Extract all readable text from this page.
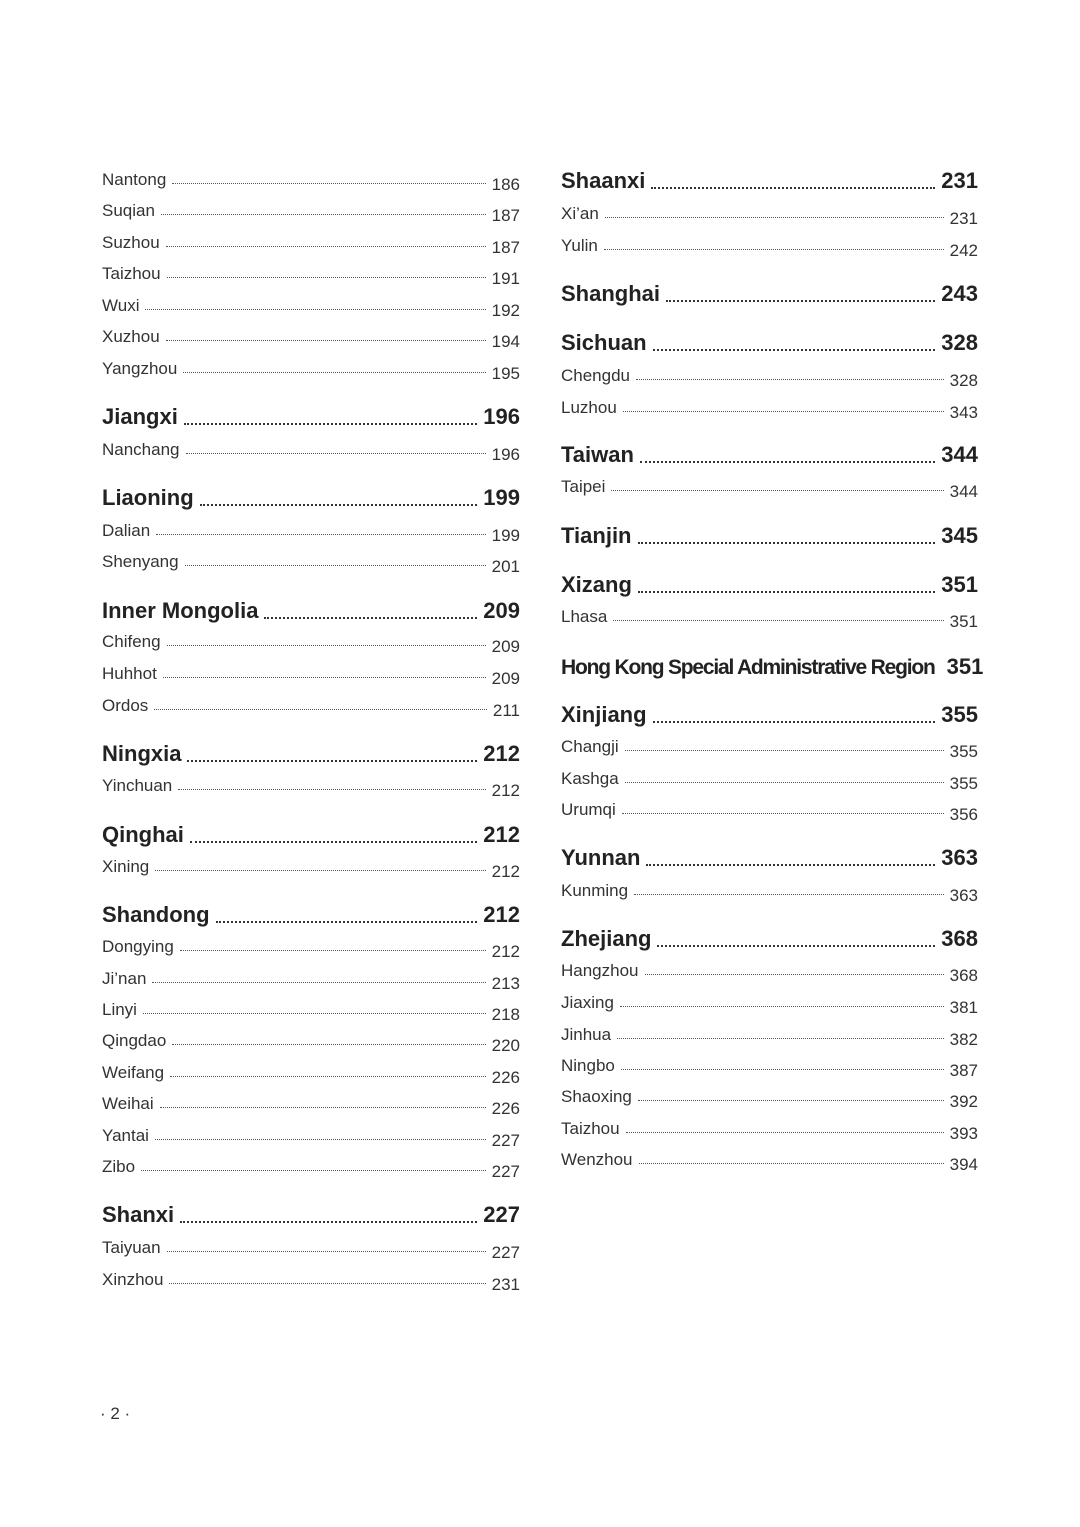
Nantong	186
Suqian	187
Suzhou	187
Taizhou	191
Wuxi	192
Xuzhou	194
Yangzhou	195
Jiangxi	196
Nanchang	196
Liaoning	199
Dalian	199
Shenyang	201
Inner Mongolia	209
Chifeng	209
Huhhot	209
Ordos	211
Ningxia	212
Yinchuan	212
Qinghai	212
Xining	212
Shandong	212
Dongying	212
Ji’nan	213
Linyi	218
Qingdao	220
Weifang	226
Weihai	226
Yantai	227
Zibo	227
Shanxi	227
Taiyuan	227
Xinzhou	231
Shaanxi	231
Xi’an	231
Yulin	242
Shanghai	243
Sichuan	328
Chengdu	328
Luzhou	343
Taiwan	344
Taipei	344
Tianjin	345
Xizang	351
Lhasa	351
Hong Kong Special Administrative Region 351
Xinjiang	355
Changji	355
Kashga	355
Urumqi	356
Yunnan	363
Kunming	363
Zhejiang	368
Hangzhou	368
Jiaxing	381
Jinhua	382
Ningbo	387
Shaoxing	392
Taizhou	393
Wenzhou	394
· 2 ·
